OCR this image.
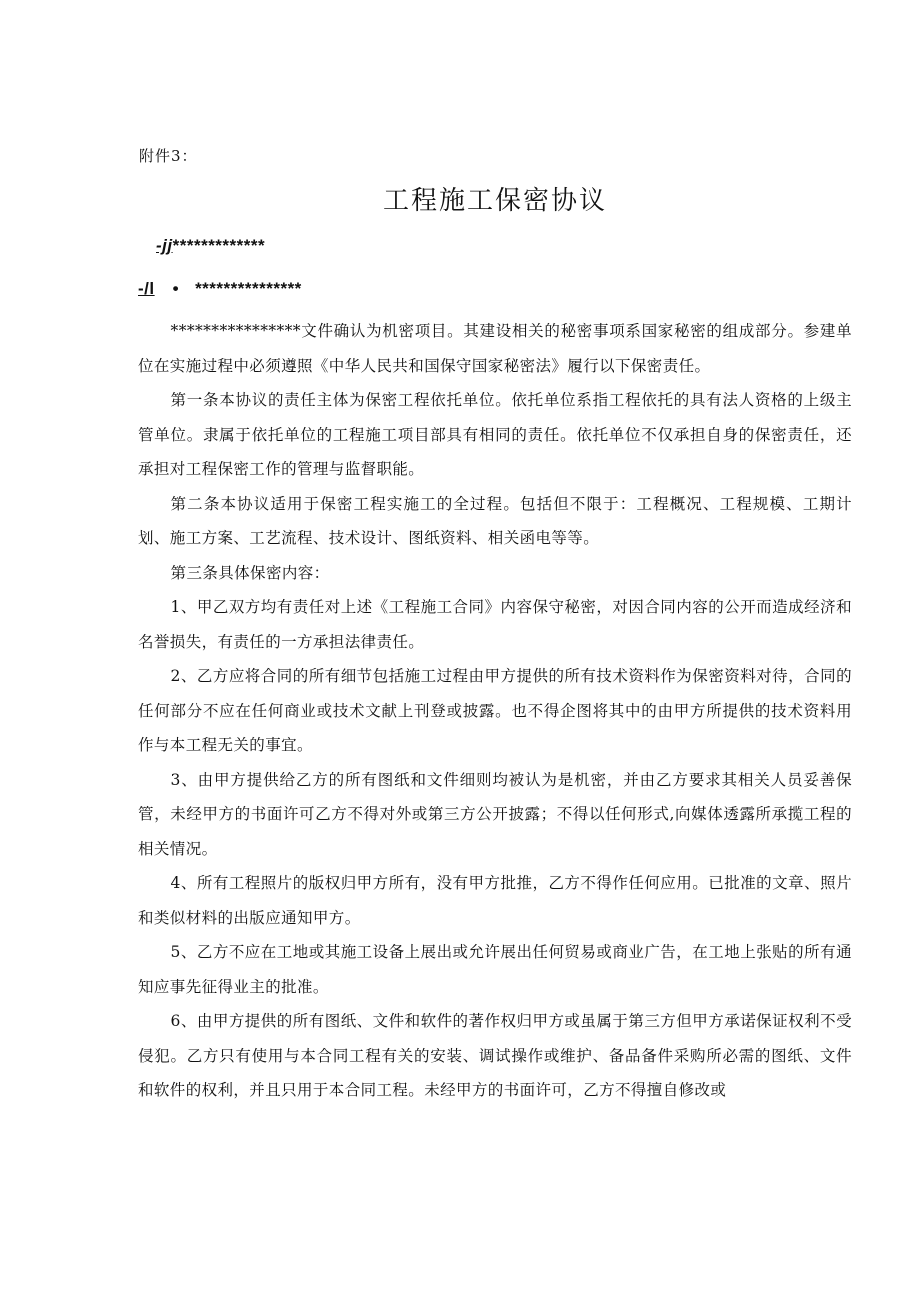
附件3：
工程施工保密协议
-jj*************
-/l • ***************

****************文件确认为机密项目。其建设相关的秘密事项系国家秘密的组成部分。参建单位在实施过程中必须遵照《中华人民共和国保守国家秘密法》履行以下保密责任。

第一条本协议的责任主体为保密工程依托单位。依托单位系指工程依托的具有法人资格的上级主管单位。隶属于依托单位的工程施工项目部具有相同的责任。依托单位不仅承担自身的保密责任，还承担对工程保密工作的管理与监督职能。

第二条本协议适用于保密工程实施工的全过程。包括但不限于：工程概况、工程规模、工期计划、施工方案、工艺流程、技术设计、图纸资料、相关函电等等。

第三条具体保密内容：

1、甲乙双方均有责任对上述《工程施工合同》内容保守秘密，对因合同内容的公开而造成经济和名誉损失，有责任的一方承担法律责任。

2、乙方应将合同的所有细节包括施工过程由甲方提供的所有技术资料作为保密资料对待，合同的任何部分不应在任何商业或技术文献上刊登或披露。也不得企图将其中的由甲方所提供的技术资料用作与本工程无关的事宜。

3、由甲方提供给乙方的所有图纸和文件细则均被认为是机密，并由乙方要求其相关人员妥善保管，未经甲方的书面许可乙方不得对外或第三方公开披露；不得以任何形式,向媒体透露所承揽工程的相关情况。

4、所有工程照片的版权归甲方所有，没有甲方批推，乙方不得作任何应用。已批准的文章、照片和类似材料的出版应通知甲方。

5、乙方不应在工地或其施工设备上展出或允许展出任何贸易或商业广告，在工地上张贴的所有通知应事先征得业主的批准。

6、由甲方提供的所有图纸、文件和软件的著作权归甲方或虽属于第三方但甲方承诺保证权利不受侵犯。乙方只有使用与本合同工程有关的安装、调试操作或维护、备品备件采购所必需的图纸、文件和软件的权利，并且只用于本合同工程。未经甲方的书面许可，乙方不得擅自修改或
